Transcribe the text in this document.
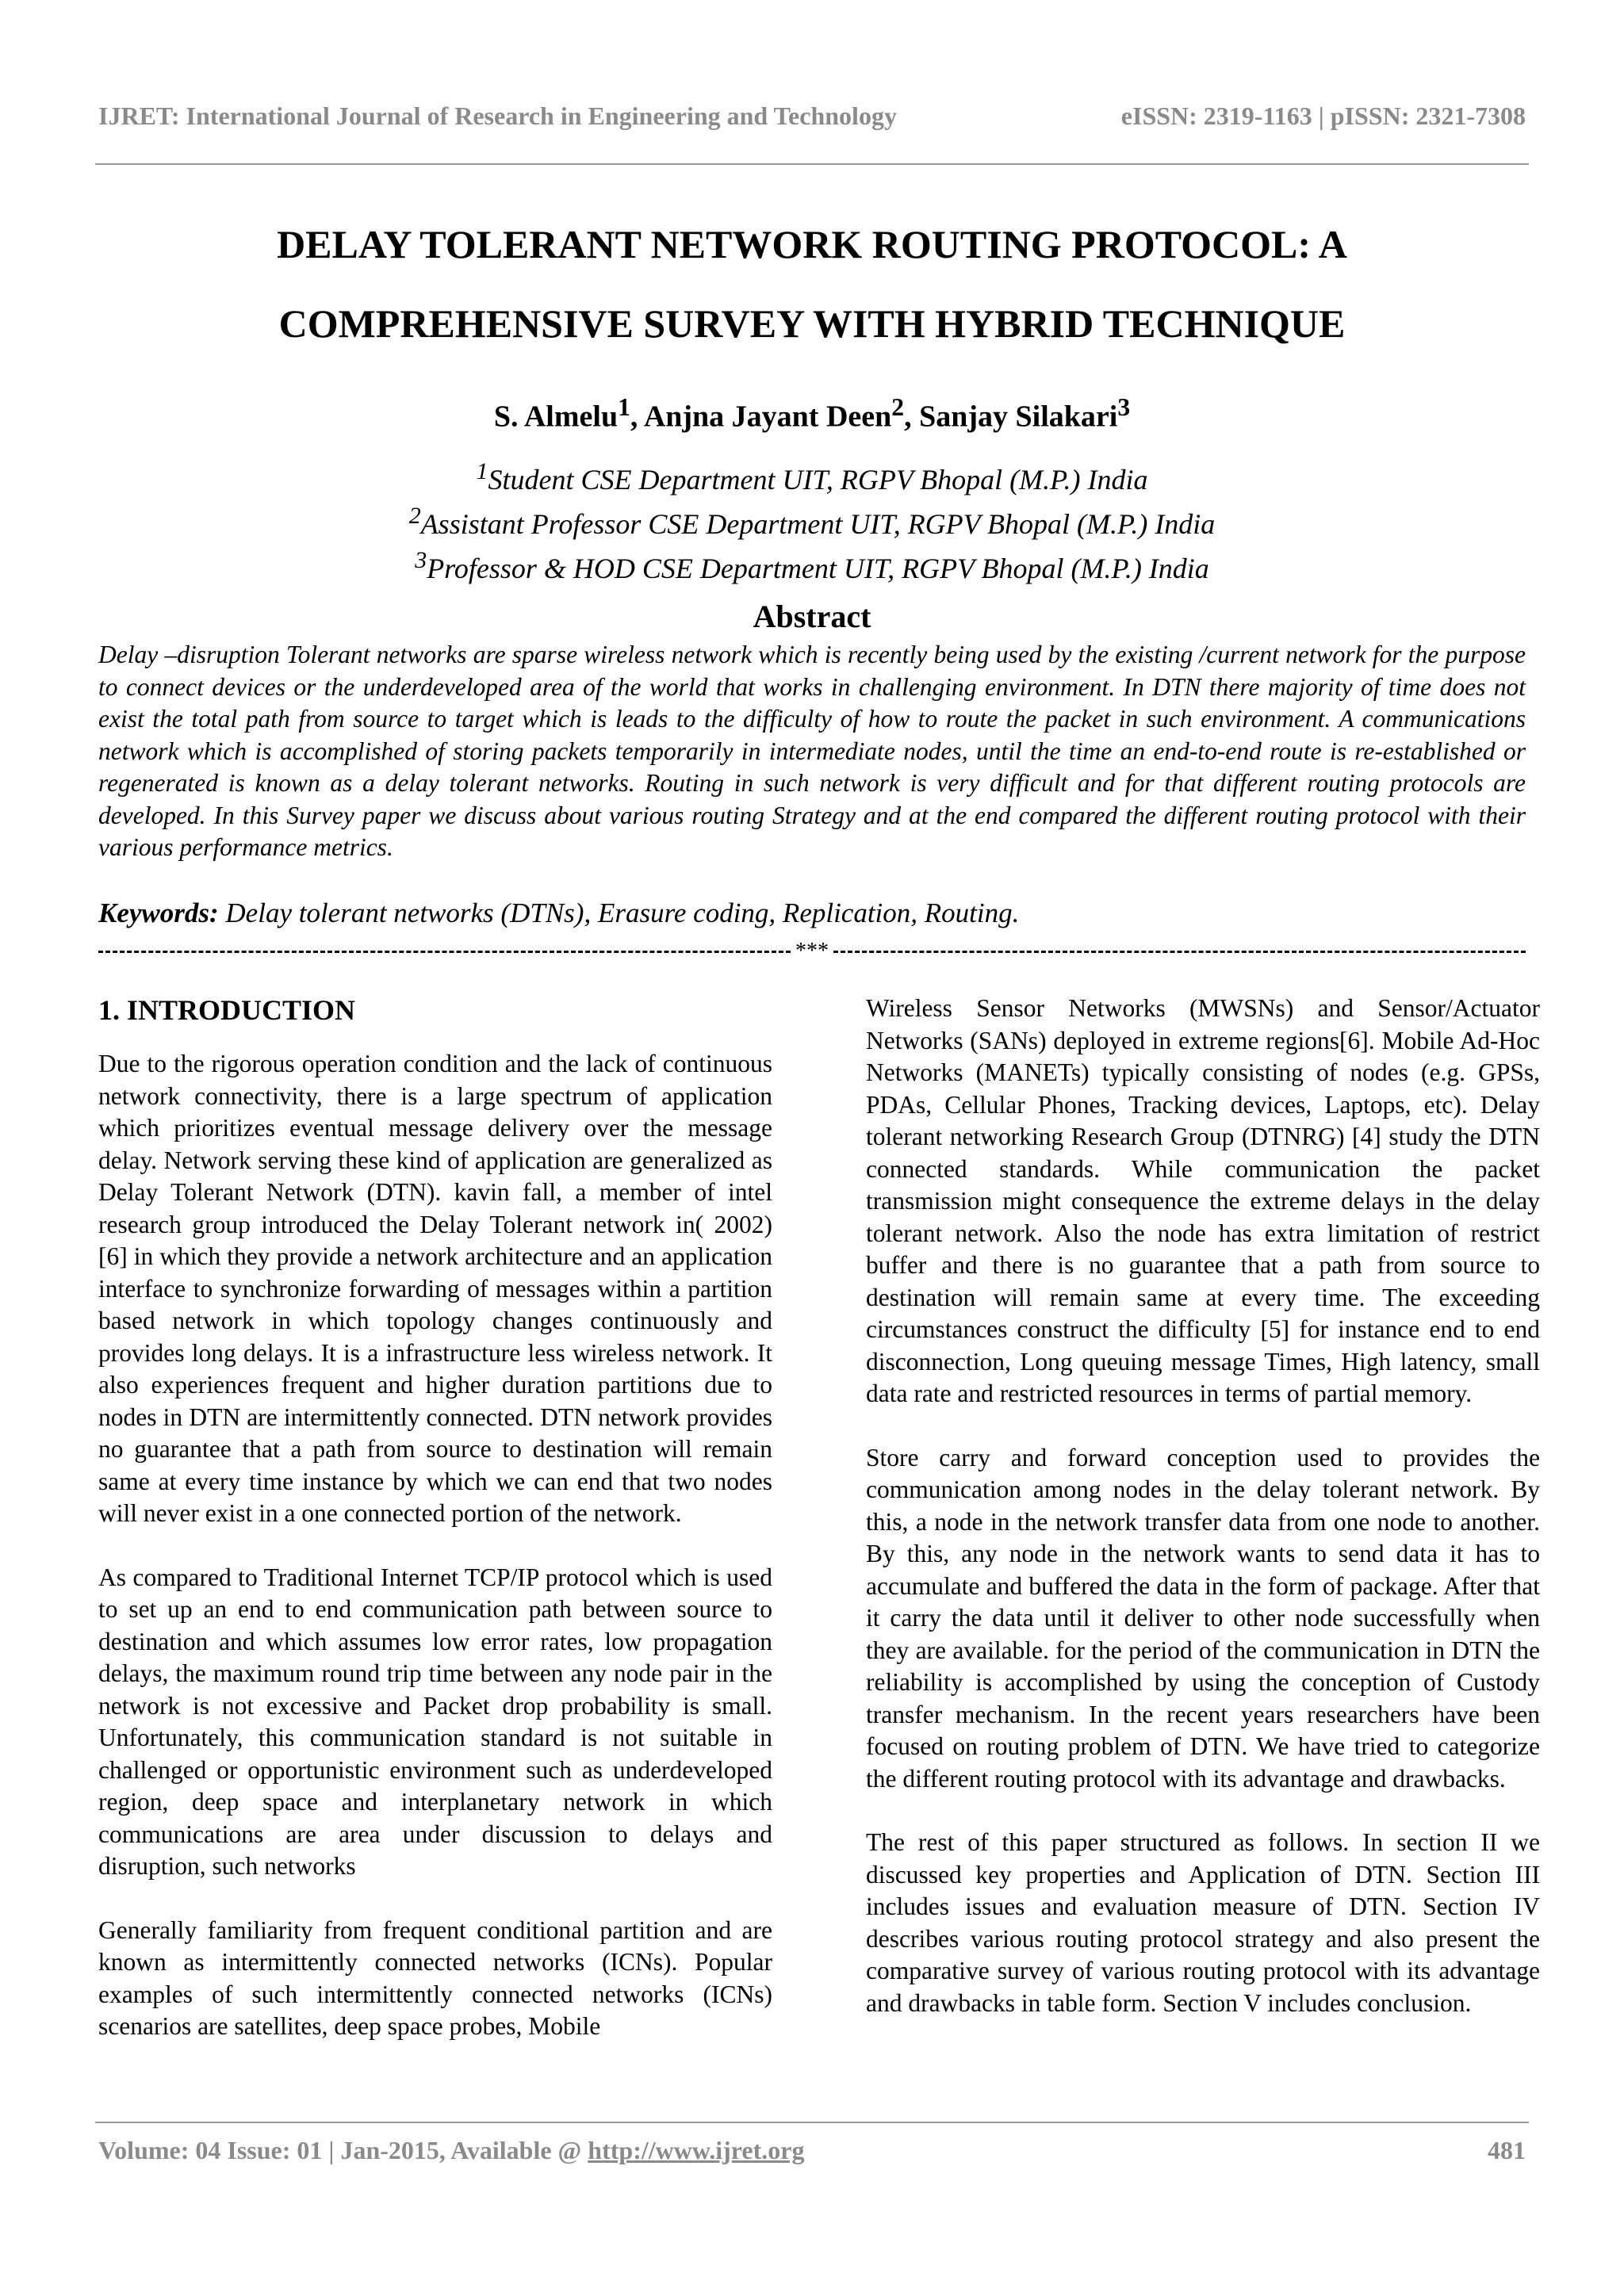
IJRET: International Journal of Research in Engineering and Technology	eISSN: 2319-1163 | pISSN: 2321-7308
DELAY TOLERANT NETWORK ROUTING PROTOCOL: A
COMPREHENSIVE SURVEY WITH HYBRID TECHNIQUE
S. Almelu$^1$, Anjna Jayant Deen$^2$, Sanjay Silakari$^3$
$^1$Student CSE Department UIT, RGPV Bhopal (M.P.) India
$^2$Assistant Professor CSE Department UIT, RGPV Bhopal (M.P.) India
$^3$Professor & HOD CSE Department UIT, RGPV Bhopal (M.P.) India
Abstract
Delay –disruption Tolerant networks are sparse wireless network which is recently being used by the existing /current network for the purpose to connect devices or the underdeveloped area of the world that works in challenging environment. In DTN there majority of time does not exist the total path from source to target which is leads to the difficulty of how to route the packet in such environment. A communications network which is accomplished of storing packets temporarily in intermediate nodes, until the time an end-to-end route is re-established or regenerated is known as a delay tolerant networks. Routing in such network is very difficult and for that different routing protocols are developed. In this Survey paper we discuss about various routing Strategy and at the end compared the different routing protocol with their various performance metrics.
Keywords: Delay tolerant networks (DTNs), Erasure coding, Replication, Routing.
***
1. INTRODUCTION

Due to the rigorous operation condition and the lack of continuous network connectivity, there is a large spectrum of application which prioritizes eventual message delivery over the message delay. Network serving these kind of application are generalized as Delay Tolerant Network (DTN). kavin fall, a member of intel research group introduced the Delay Tolerant network in( 2002) [6] in which they provide a network architecture and an application interface to synchronize forwarding of messages within a partition based network in which topology changes continuously and provides long delays. It is a infrastructure less wireless network. It also experiences frequent and higher duration partitions due to nodes in DTN are intermittently connected. DTN network provides no guarantee that a path from source to destination will remain same at every time instance by which we can end that two nodes will never exist in a one connected portion of the network.

As compared to Traditional Internet TCP/IP protocol which is used to set up an end to end communication path between source to destination and which assumes low error rates, low propagation delays, the maximum round trip time between any node pair in the network is not excessive and Packet drop probability is small. Unfortunately, this communication standard is not suitable in challenged or opportunistic environment such as underdeveloped region, deep space and interplanetary network in which communications are area under discussion to delays and disruption, such networks

Generally familiarity from frequent conditional partition and are known as intermittently connected networks (ICNs). Popular examples of such intermittently connected networks (ICNs) scenarios are satellites, deep space probes, Mobile

Wireless Sensor Networks (MWSNs) and Sensor/Actuator Networks (SANs) deployed in extreme regions[6]. Mobile Ad-Hoc Networks (MANETs) typically consisting of nodes (e.g. GPSs, PDAs, Cellular Phones, Tracking devices, Laptops, etc). Delay tolerant networking Research Group (DTNRG) [4] study the DTN connected standards. While communication the packet transmission might consequence the extreme delays in the delay tolerant network. Also the node has extra limitation of restrict buffer and there is no guarantee that a path from source to destination will remain same at every time. The exceeding circumstances construct the difficulty [5] for instance end to end disconnection, Long queuing message Times, High latency, small data rate and restricted resources in terms of partial memory.

Store carry and forward conception used to provides the communication among nodes in the delay tolerant network. By this, a node in the network transfer data from one node to another. By this, any node in the network wants to send data it has to accumulate and buffered the data in the form of package. After that it carry the data until it deliver to other node successfully when they are available. for the period of the communication in DTN the reliability is accomplished by using the conception of Custody transfer mechanism. In the recent years researchers have been focused on routing problem of DTN. We have tried to categorize the different routing protocol with its advantage and drawbacks.

The rest of this paper structured as follows. In section II we discussed key properties and Application of DTN. Section III includes issues and evaluation measure of DTN. Section IV describes various routing protocol strategy and also present the comparative survey of various routing protocol with its advantage and drawbacks in table form. Section V includes conclusion.

Volume: 04 Issue: 01 | Jan-2015, Available @ http://www.ijret.org	481
